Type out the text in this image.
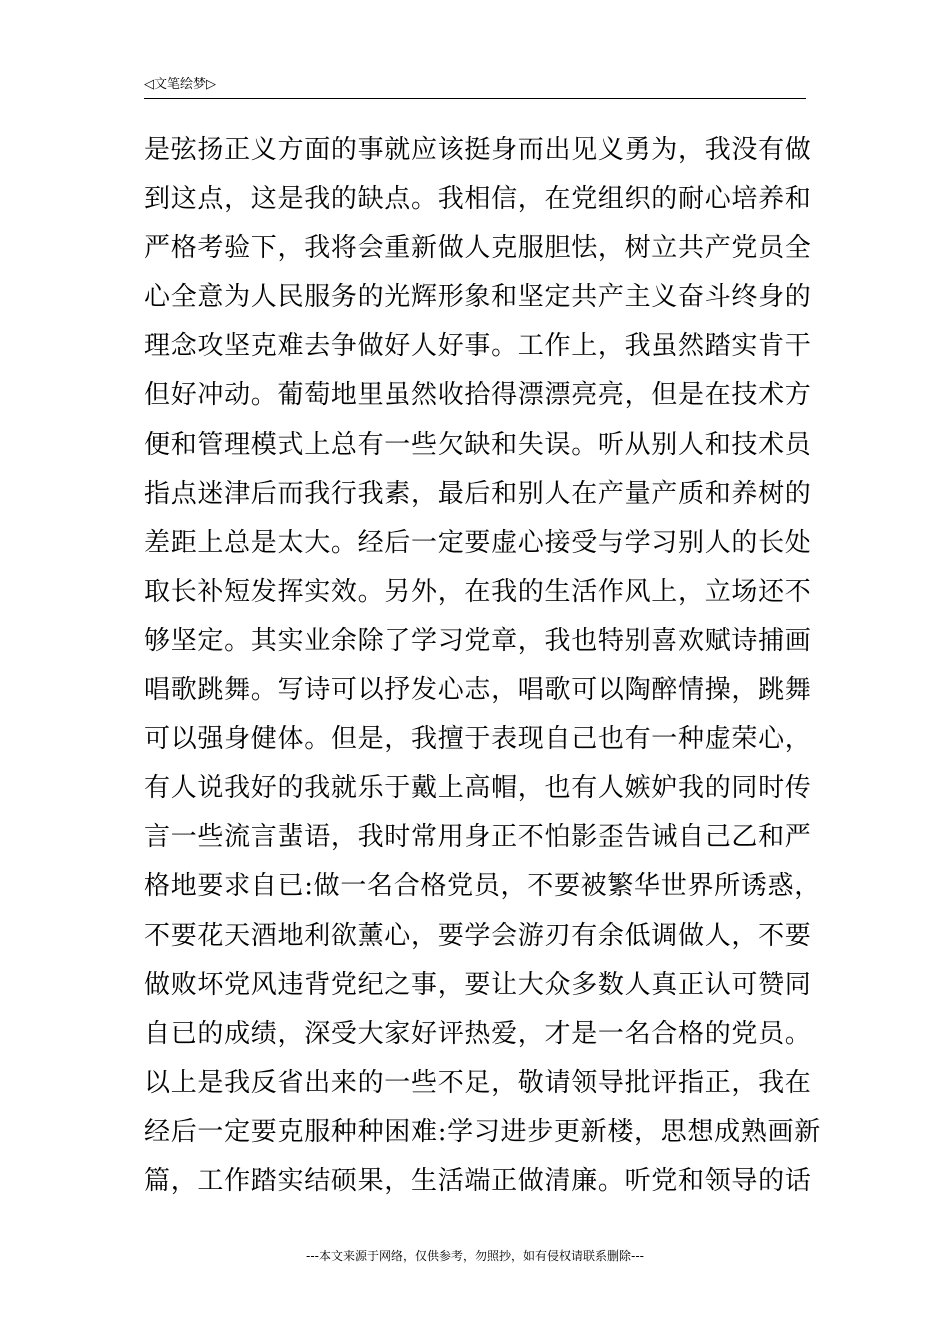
◁文笔绘梦▷
是弦扬正义方面的事就应该挺身而出见义勇为，我没有做
到这点，这是我的缺点。我相信，在党组织的耐心培养和
严格考验下，我将会重新做人克服胆怯，树立共产党员全
心全意为人民服务的光辉形象和坚定共产主义奋斗终身的
理念攻坚克难去争做好人好事。工作上，我虽然踏实肯干
但好冲动。葡萄地里虽然收拾得漂漂亮亮，但是在技术方
便和管理模式上总有一些欠缺和失误。听从别人和技术员
指点迷津后而我行我素，最后和别人在产量产质和养树的
差距上总是太大。经后一定要虚心接受与学习别人的长处
取长补短发挥实效。另外，在我的生活作风上，立场还不
够坚定。其实业余除了学习党章，我也特别喜欢赋诗捕画
唱歌跳舞。写诗可以抒发心志，唱歌可以陶醉情操，跳舞
可以强身健体。但是，我擅于表现自己也有一种虚荣心，
有人说我好的我就乐于戴上高帽，也有人嫉妒我的同时传
言一些流言蜚语，我时常用身正不怕影歪告诫自己乙和严
格地要求自已:做一名合格党员，不要被繁华世界所诱惑，
不要花天酒地利欲薰心，要学会游刃有余低调做人，不要
做败坏党风违背党纪之事，要让大众多数人真正认可赞同
自已的成绩，深受大家好评热爱，才是一名合格的党员。
以上是我反省出来的一些不足，敬请领导批评指正，我在
经后一定要克服种种困难:学习进步更新楼，思想成熟画新
篇，工作踏实结硕果，生活端正做清廉。听党和领导的话
---本文来源于网络，仅供参考，勿照抄，如有侵权请联系删除---
